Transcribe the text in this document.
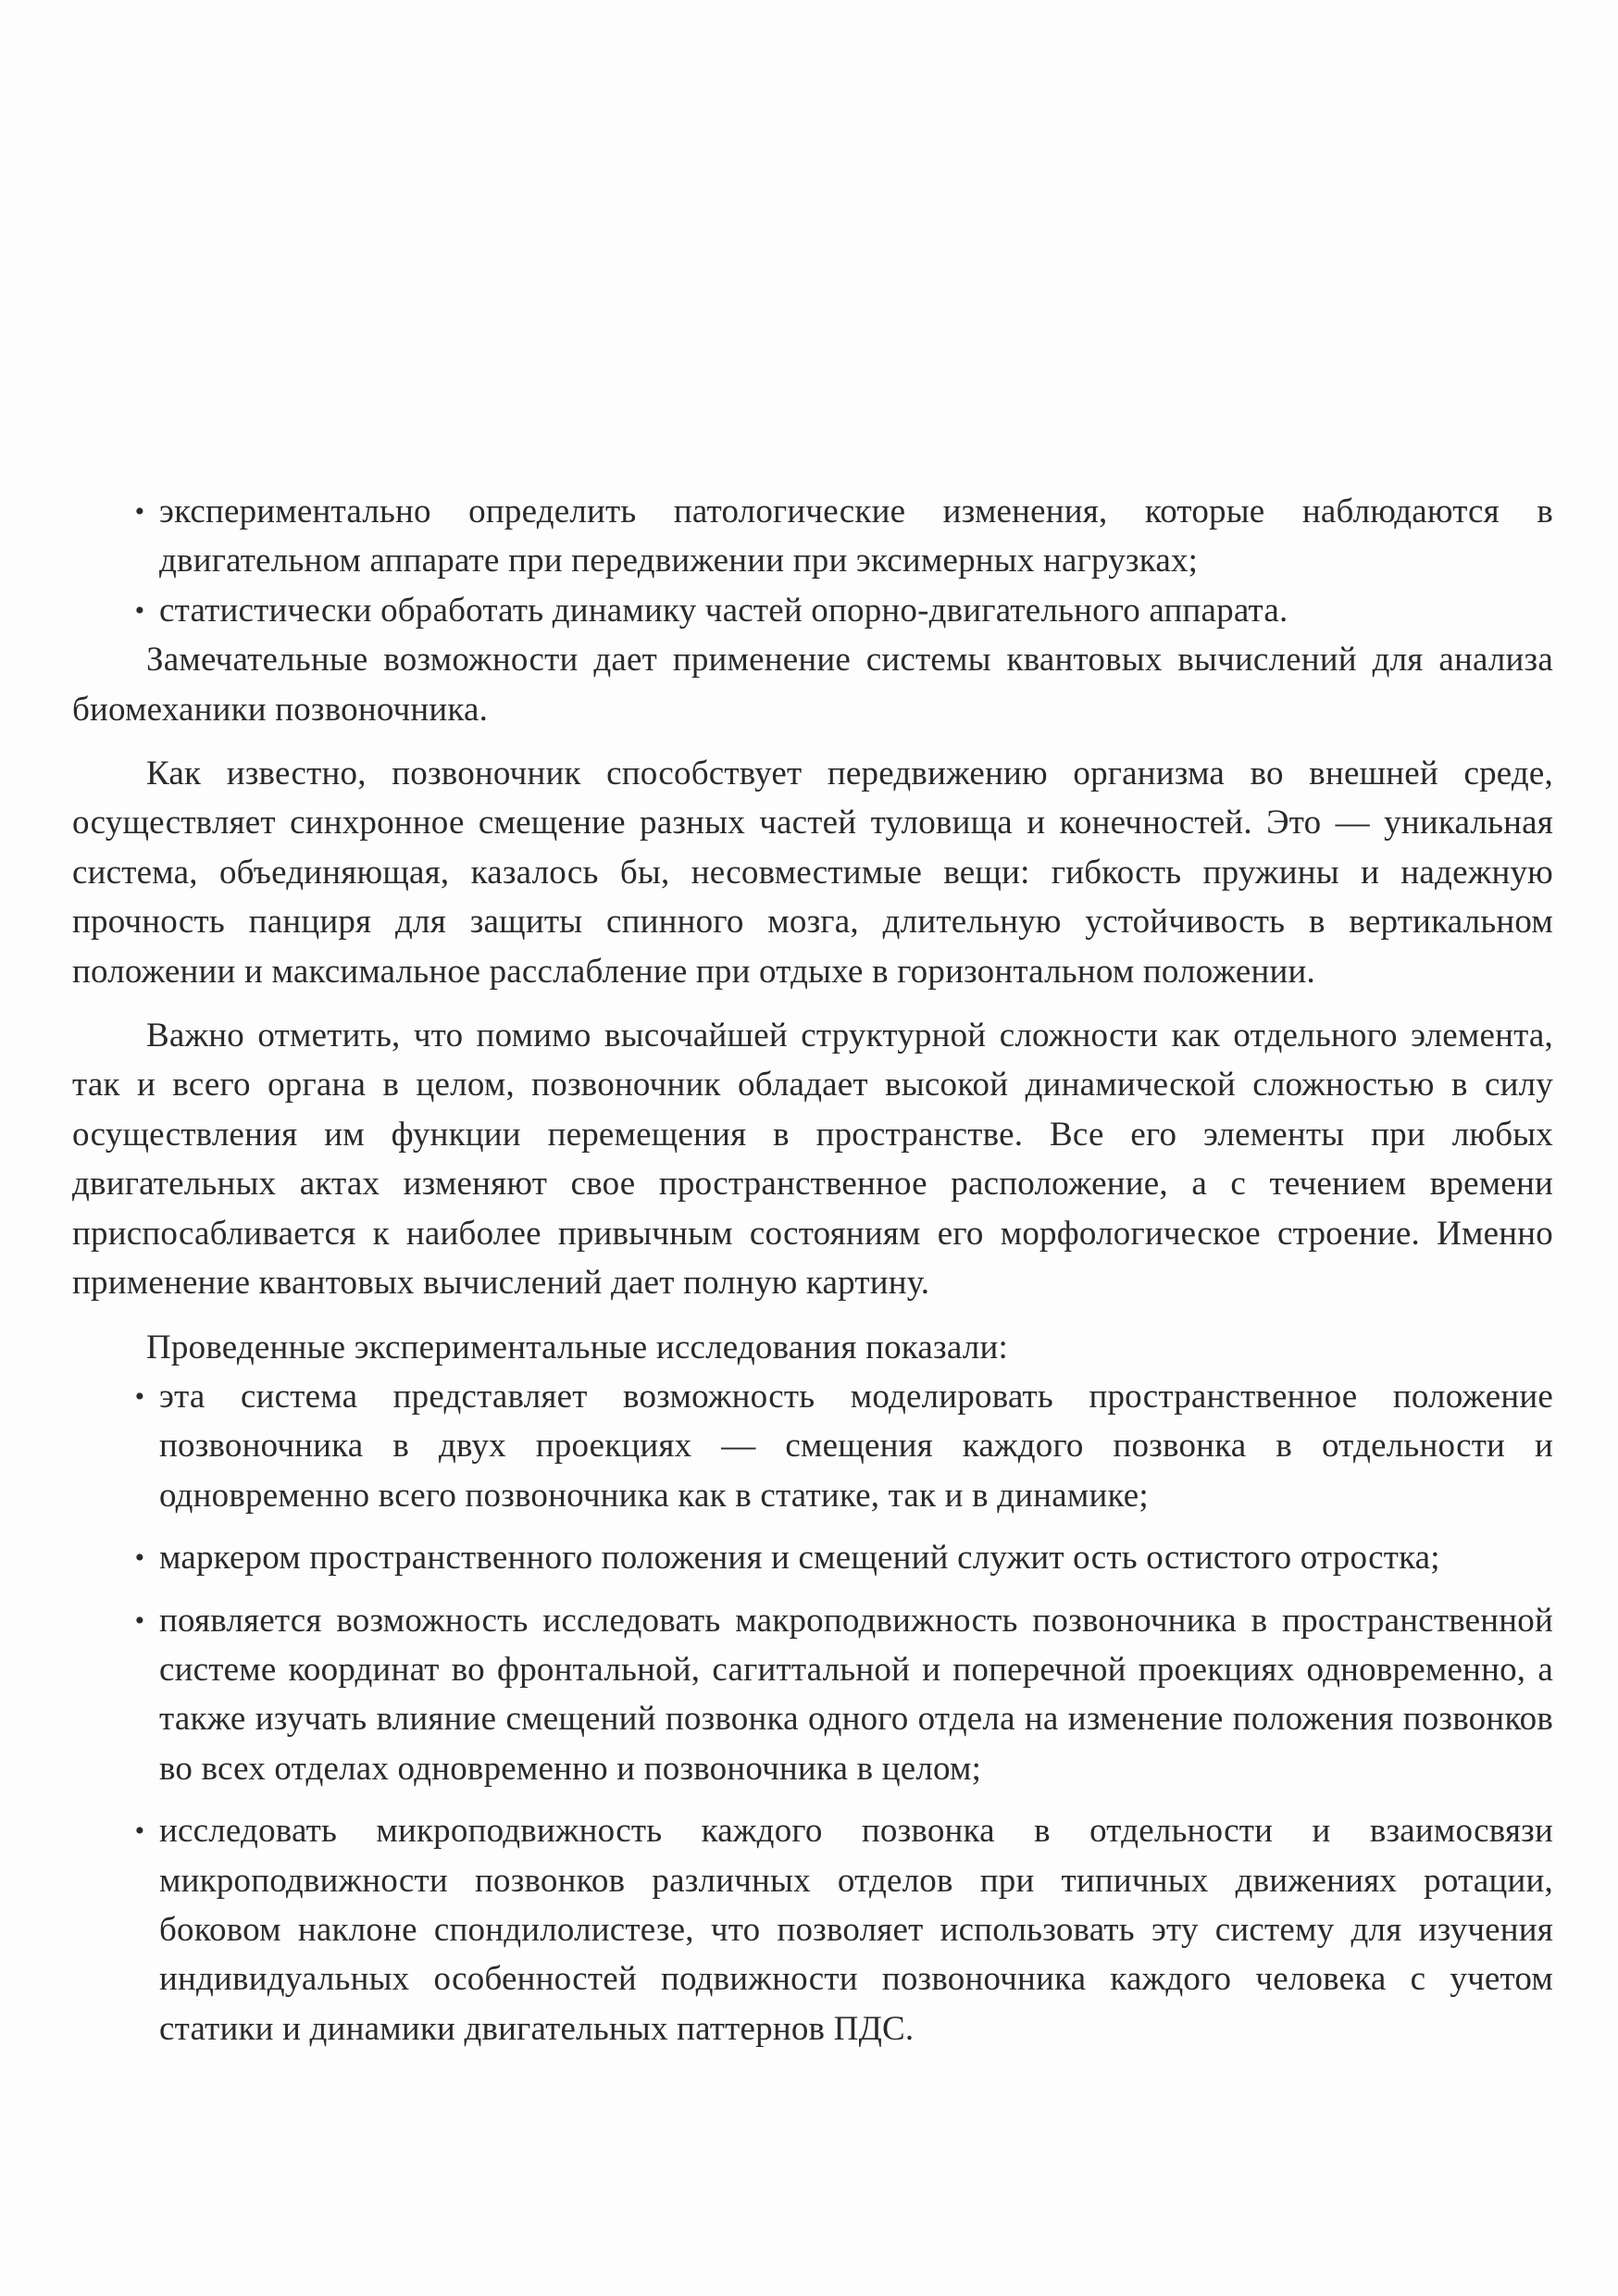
• экспериментально определить патологические изменения, которые наблюдаются в двигательном аппарате при передвижении при эксимерных нагрузках;
• статистически обработать динамику частей опорно-двигательного аппарата.

Замечательные возможности дает применение системы квантовых вычислений для анализа биомеханики позвоночника.

Как известно, позвоночник способствует передвижению организма во внешней среде, осуществляет синхронное смещение разных частей туловища и конечностей. Это — уникальная система, объединяющая, казалось бы, несовместимые вещи: гибкость пружины и надежную прочность панциря для защиты спинного мозга, длительную устойчивость в вертикальном положении и максимальное расслабление при отдыхе в горизонтальном положении.

Важно отметить, что помимо высочайшей структурной сложности как отдельного элемента, так и всего органа в целом, позвоночник обладает высокой динамической сложностью в силу осуществления им функции перемещения в пространстве. Все его элементы при любых двигательных актах изменяют свое пространственное расположение, а с течением времени приспосабливается к наиболее привычным состояниям его морфологическое строение. Именно применение квантовых вычислений дает полную картину.

Проведенные экспериментальные исследования показали:

• эта система представляет возможность моделировать пространственное положение позвоночника в двух проекциях — смещения каждого позвонка в отдельности и одновременно всего позвоночника как в статике, так и в динамике;
• маркером пространственного положения и смещений служит ость остистого отростка;
• появляется возможность исследовать макроподвижность позвоночника в пространственной системе координат во фронтальной, сагиттальной и поперечной проекциях одновременно, а также изучать влияние смещений позвонка одного отдела на изменение положения позвонков во всех отделах одновременно и позвоночника в целом;
• исследовать микроподвижность каждого позвонка в отдельности и взаимосвязи микроподвижности позвонков различных отделов при типичных движениях ротации, боковом наклоне спондилолистезе, что позволяет использовать эту систему для изучения индивидуальных особенностей подвижности позвоночника каждого человека с учетом статики и динамики двигательных паттернов ПДС.
